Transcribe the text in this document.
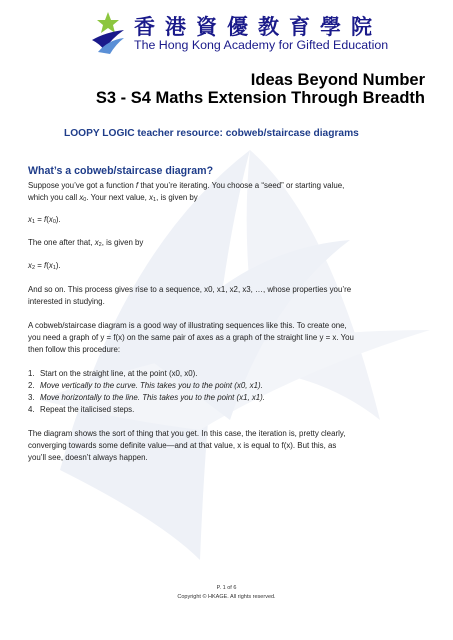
香港資優教育學院
The Hong Kong Academy for Gifted Education
Ideas Beyond Number
S3 - S4 Maths Extension Through Breadth
LOOPY LOGIC teacher resource: cobweb/staircase diagrams
What’s a cobweb/staircase diagram?
Suppose you’ve got a function f that you’re iterating. You choose a “seed” or starting value,
which you call $x_0$. Your next value, $x_1$, is given by
$x_1 = f(x_0)$.
The one after that, $x_2$, is given by
$x_2 = f(x_1)$.
And so on. This process gives rise to a sequence, x0, x1, x2, x3, …, whose properties you’re
interested in studying.
A cobweb/staircase diagram is a good way of illustrating sequences like this. To create one,
you need a graph of y = f(x) on the same pair of axes as a graph of the straight line y = x. You
then follow this procedure:
1. Start on the straight line, at the point (x0, x0).
2. Move vertically to the curve. This takes you to the point (x0, x1).
3. Move horizontally to the line. This takes you to the point (x1, x1).
4. Repeat the italicised steps.
The diagram shows the sort of thing that you get. In this case, the iteration is, pretty clearly,
converging towards some definite value—and at that value, x is equal to f(x). But this, as
you’ll see, doesn’t always happen.
P. 1 of 6
Copyright © HKAGE. All rights reserved.
